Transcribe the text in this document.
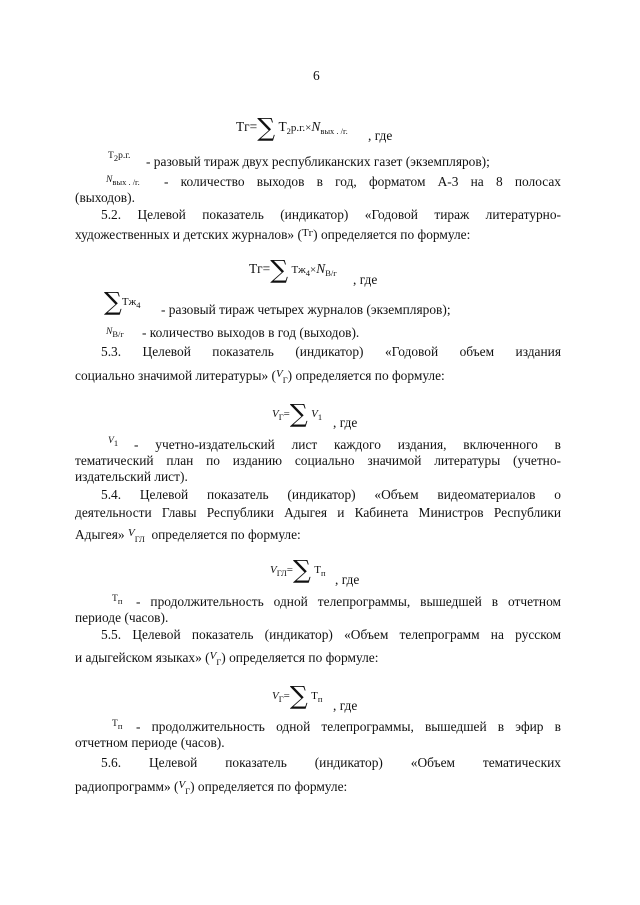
6
Тг=∑ $Т_2р.г.\times N_{вых . /г.}$ , где
$Т_2р.г$. - разовый тираж двух республиканских газет (экземпляров);
$N_{вых . /г.}$ - количество выходов в год, форматом А-3 на 8 полосах
(выходов).
5.2. Целевой показатель (индикатор) «Годовой тираж литературно-
художественных и детских журналов» ($^{Тг}$) определяется по формуле:
Тг=∑ $Тж_4\times N_{В/г}$ , где
$\sum Тж_4$ - разовый тираж четырех журналов (экземпляров);
$N_{В/г}$ - количество выходов в год (выходов).
5.3. Целевой показатель (индикатор) «Годовой объем издания
социально значимой литературы» ($^V_Г$) определяется по формуле:
$V_Г=\sum$ $V_1$ , где
$V_1$ - учетно-издательский лист каждого издания, включенного в
тематический план по изданию социально значимой литературы (учетно-
издательский лист).
5.4. Целевой показатель (индикатор) «Объем видеоматериалов о
деятельности Главы Республики Адыгея и Кабинета Министров Республики
Адыгея» $^V_{ГЛ}$ определяется по формуле:
$V_{ГЛ}=\sum$ $Т_п$ , где
$Т_п$ - продолжительность одной телепрограммы, вышедшей в отчетном
периоде (часов).
5.5. Целевой показатель (индикатор) «Объем телепрограмм на русском
и адыгейском языках» ($^V_Г$) определяется по формуле:
$V_Г=\sum$ $Т_п$ , где
$Т_п$ - продолжительность одной телепрограммы, вышедшей в эфир в
отчетном периоде (часов).
5.6. Целевой показатель (индикатор) «Объем тематических
радиопрограмм» ($^V_Г$) определяется по формуле:
